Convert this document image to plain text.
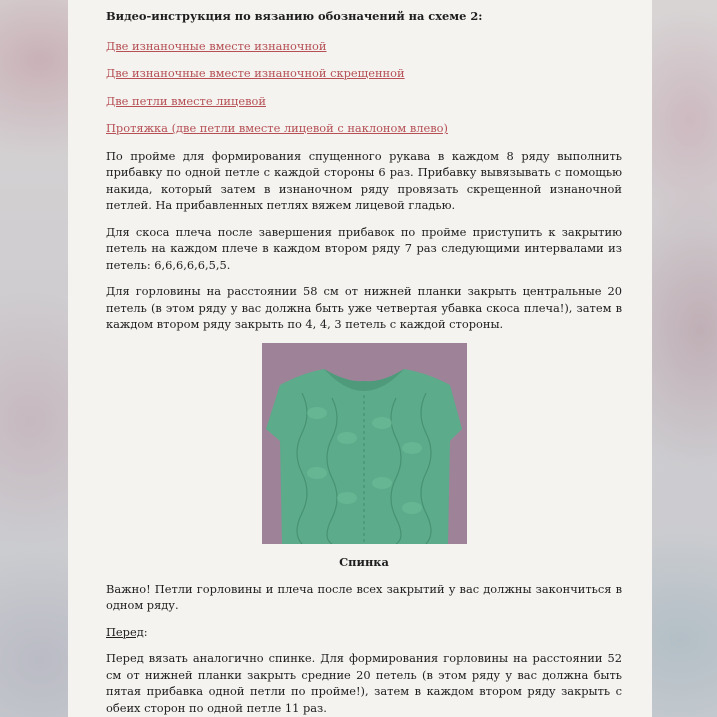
Видео-инструкция по вязанию обозначений на схеме 2:
Две изнаночные вместе изнаночной
Две изнаночные вместе изнаночной скрещенной
Две петли вместе лицевой
Протяжка (две петли вместе лицевой с наклоном влево)

По пройме для формирования спущенного рукава в каждом 8 ряду выполнить прибавку по одной петле с каждой стороны 6 раз. Прибавку вывязывать с помощью накида, который затем в изнаночном ряду провязать скрещенной изнаночной петлей. На прибавленных петлях вяжем лицевой гладью.

Для скоса плеча после завершения прибавок по пройме приступить к закрытию петель на каждом плече в каждом втором ряду 7 раз следующими интервалами из петель: 6,6,6,6,6,5,5.

Для горловины на расстоянии 58 см от нижней планки закрыть центральные 20 петель (в этом ряду у вас должна быть уже четвертая убавка скоса плеча!), затем в каждом втором ряду закрыть по 4, 4, 3 петель с каждой стороны.

Спинка

Важно! Петли горловины и плеча после всех закрытий у вас должны закончиться в одном ряду.

Перед:

Перед вязать аналогично спинке. Для формирования горловины на расстоянии 52 см от нижней планки закрыть средние 20 петель (в этом ряду у вас должна быть пятая прибавка одной петли по пройме!), затем в каждом втором ряду закрыть с обеих сторон по одной петле 11 раз.
